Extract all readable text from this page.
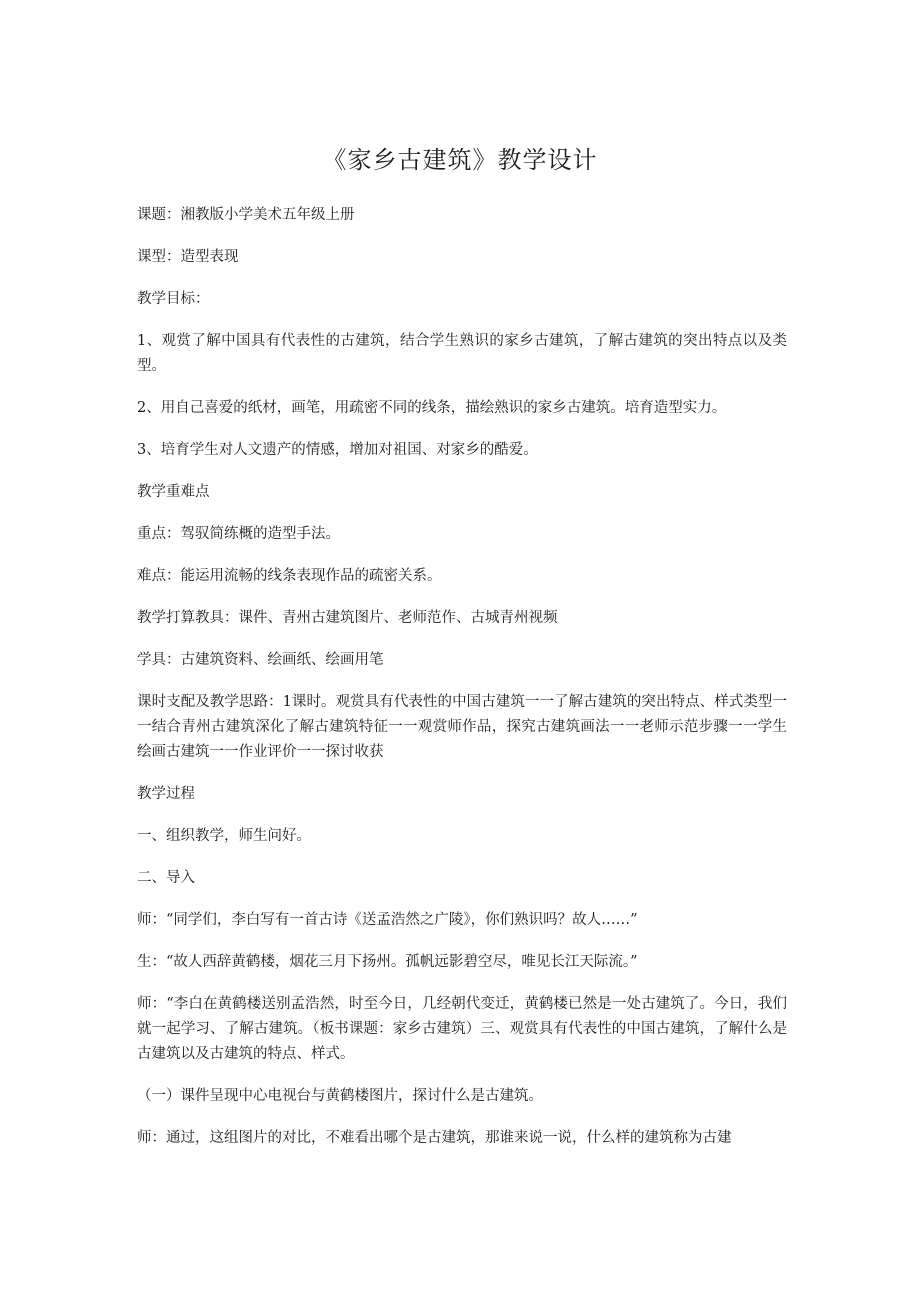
《家乡古建筑》教学设计

课题：湘教版小学美术五年级上册

课型：造型表现

教学目标：

1、观赏了解中国具有代表性的古建筑，结合学生熟识的家乡古建筑，了解古建筑的突出特点以及类型。

2、用自己喜爱的纸材，画笔，用疏密不同的线条，描绘熟识的家乡古建筑。培育造型实力。

3、培育学生对人文遗产的情感，增加对祖国、对家乡的酷爱。

教学重难点

重点：驾驭简练概的造型手法。

难点：能运用流畅的线条表现作品的疏密关系。

教学打算教具：课件、青州古建筑图片、老师范作、古城青州视频

学具：古建筑资料、绘画纸、绘画用笔

课时支配及教学思路：1课时。观赏具有代表性的中国古建筑一一了解古建筑的突出特点、样式类型一一结合青州古建筑深化了解古建筑特征一一观赏师作品，探究古建筑画法一一老师示范步骤一一学生绘画古建筑一一作业评价一一探讨收获

教学过程

一、组织教学，师生问好。

二、导入

师：“同学们，李白写有一首古诗《送孟浩然之广陵》，你们熟识吗？故人……”

生：“故人西辞黄鹤楼，烟花三月下扬州。孤帆远影碧空尽，唯见长江天际流。”

师：“李白在黄鹤楼送别孟浩然，时至今日，几经朝代变迁，黄鹤楼已然是一处古建筑了。今日，我们就一起学习、了解古建筑。（板书课题：家乡古建筑）三、观赏具有代表性的中国古建筑，了解什么是古建筑以及古建筑的特点、样式。

（一）课件呈现中心电视台与黄鹤楼图片，探讨什么是古建筑。

师：通过，这组图片的对比，不难看出哪个是古建筑，那谁来说一说，什么样的建筑称为古建
